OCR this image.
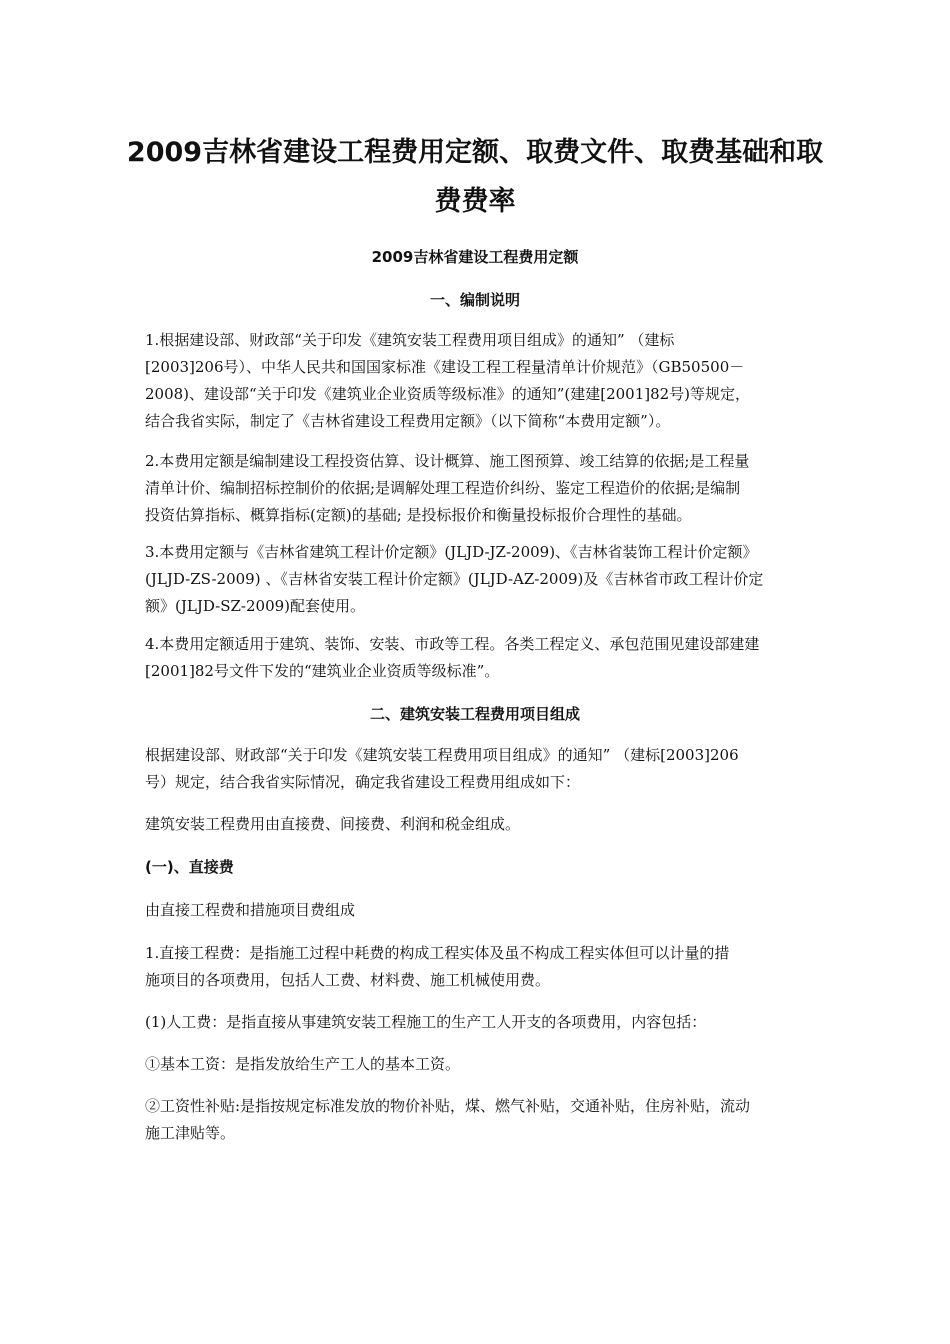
2009吉林省建设工程费用定额、取费文件、取费基础和取
费费率
2009吉林省建设工程费用定额
一、编制说明
1.根据建设部、财政部“关于印发《建筑安装工程费用项目组成》的通知” （建标
[2003]206号）、中华人民共和国国家标准《建设工程工程量清单计价规范》（GB50500－
2008)、建设部“关于印发《建筑业企业资质等级标准》的通知”(建建[2001]82号)等规定，
结合我省实际，制定了《吉林省建设工程费用定额》（以下简称“本费用定额”）。
2.本费用定额是编制建设工程投资估算、设计概算、施工图预算、竣工结算的依据;是工程量
清单计价、编制招标控制价的依据;是调解处理工程造价纠纷、鉴定工程造价的依据;是编制
投资估算指标、概算指标(定额)的基础; 是投标报价和衡量投标报价合理性的基础。
3.本费用定额与《吉林省建筑工程计价定额》(JLJD-JZ-2009)、《吉林省装饰工程计价定额》
(JLJD-ZS-2009) 、《吉林省安装工程计价定额》(JLJD-AZ-2009)及《吉林省市政工程计价定
额》(JLJD-SZ-2009)配套使用。
4.本费用定额适用于建筑、装饰、安装、市政等工程。各类工程定义、承包范围见建设部建建
[2001]82号文件下发的“建筑业企业资质等级标准”。
二、建筑安装工程费用项目组成
根据建设部、财政部“关于印发《建筑安装工程费用项目组成》的通知” （建标[2003]206
号）规定，结合我省实际情况，确定我省建设工程费用组成如下：
建筑安装工程费用由直接费、间接费、利润和税金组成。
(一)、直接费
由直接工程费和措施项目费组成
1.直接工程费：是指施工过程中耗费的构成工程实体及虽不构成工程实体但可以计量的措
施项目的各项费用，包括人工费、材料费、施工机械使用费。
(1)人工费：是指直接从事建筑安装工程施工的生产工人开支的各项费用，内容包括：
①基本工资：是指发放给生产工人的基本工资。
②工资性补贴:是指按规定标准发放的物价补贴，煤、燃气补贴，交通补贴，住房补贴，流动
施工津贴等。
